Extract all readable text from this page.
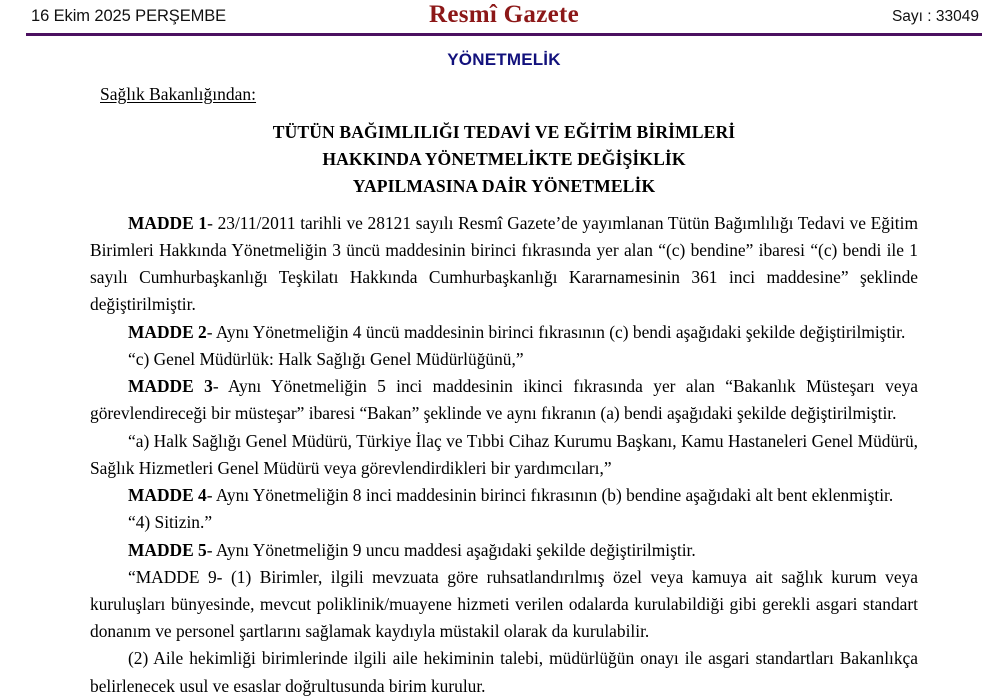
16 Ekim 2025 PERŞEMBE	Resmî Gazete	Sayı : 33049
YÖNETMELİK
Sağlık Bakanlığından:
TÜTÜN BAĞIMLILIĞI TEDAVİ VE EĞİTİM BİRİMLERİ
HAKKINDA YÖNETMELİKTE DEĞİŞİKLİK
YAPILMASINA DAİR YÖNETMELİK

MADDE 1- 23/11/2011 tarihli ve 28121 sayılı Resmî Gazete’de yayımlanan Tütün Bağımlılığı Tedavi ve Eğitim Birimleri Hakkında Yönetmeliğin 3 üncü maddesinin birinci fıkrasında yer alan “(c) bendine” ibaresi “(c) bendi ile 1 sayılı Cumhurbaşkanlığı Teşkilatı Hakkında Cumhurbaşkanlığı Kararnamesinin 361 inci maddesine” şeklinde değiştirilmiştir.

MADDE 2- Aynı Yönetmeliğin 4 üncü maddesinin birinci fıkrasının (c) bendi aşağıdaki şekilde değiştirilmiştir.

“c) Genel Müdürlük: Halk Sağlığı Genel Müdürlüğünü,”

MADDE 3- Aynı Yönetmeliğin 5 inci maddesinin ikinci fıkrasında yer alan “Bakanlık Müsteşarı veya görevlendireceği bir müsteşar” ibaresi “Bakan” şeklinde ve aynı fıkranın (a) bendi aşağıdaki şekilde değiştirilmiştir.

“a) Halk Sağlığı Genel Müdürü, Türkiye İlaç ve Tıbbi Cihaz Kurumu Başkanı, Kamu Hastaneleri Genel Müdürü, Sağlık Hizmetleri Genel Müdürü veya görevlendirdikleri bir yardımcıları,”

MADDE 4- Aynı Yönetmeliğin 8 inci maddesinin birinci fıkrasının (b) bendine aşağıdaki alt bent eklenmiştir.

“4) Sitizin.”

MADDE 5- Aynı Yönetmeliğin 9 uncu maddesi aşağıdaki şekilde değiştirilmiştir.

“MADDE 9- (1) Birimler, ilgili mevzuata göre ruhsatlandırılmış özel veya kamuya ait sağlık kurum veya kuruluşları bünyesinde, mevcut poliklinik/muayene hizmeti verilen odalarda kurulabildiği gibi gerekli asgari standart donanım ve personel şartlarını sağlamak kaydıyla müstakil olarak da kurulabilir.

(2) Aile hekimliği birimlerinde ilgili aile hekiminin talebi, müdürlüğün onayı ile asgari standartları Bakanlıkça belirlenecek usul ve esaslar doğrultusunda birim kurulur.
